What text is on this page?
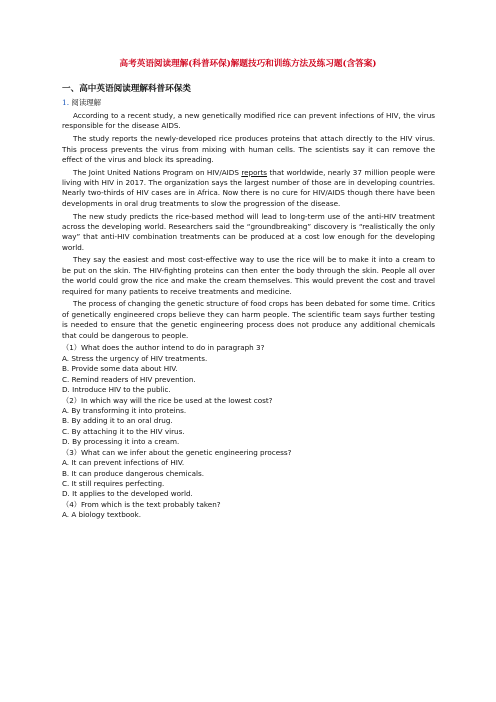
高考英语阅读理解(科普环保)解题技巧和训练方法及练习题(含答案)
一、高中英语阅读理解科普环保类
1. 阅读理解

According to a recent study, a new genetically modified rice can prevent infections of HIV, the virus responsible for the disease AIDS.

The study reports the newly-developed rice produces proteins that attach directly to the HIV virus. This process prevents the virus from mixing with human cells. The scientists say it can remove the effect of the virus and block its spreading.

The Joint United Nations Program on HIV/AIDS reports that worldwide, nearly 37 million people were living with HIV in 2017. The organization says the largest number of those are in developing countries. Nearly two-thirds of HIV cases are in Africa. Now there is no cure for HIV/AIDS though there have been developments in oral drug treatments to slow the progression of the disease.

The new study predicts the rice-based method will lead to long-term use of the anti-HIV treatment across the developing world. Researchers said the “groundbreaking” discovery is “realistically the only way” that anti-HIV combination treatments can be produced at a cost low enough for the developing world.

They say the easiest and most cost-effective way to use the rice will be to make it into a cream to be put on the skin. The HIV-fighting proteins can then enter the body through the skin. People all over the world could grow the rice and make the cream themselves. This would prevent the cost and travel required for many patients to receive treatments and medicine.

The process of changing the genetic structure of food crops has been debated for some time. Critics of genetically engineered crops believe they can harm people. The scientific team says further testing is needed to ensure that the genetic engineering process does not produce any additional chemicals that could be dangerous to people.

（1）What does the author intend to do in paragraph 3?

A. Stress the urgency of HIV treatments.

B. Provide some data about HIV.

C. Remind readers of HIV prevention.

D. Introduce HIV to the public.

（2）In which way will the rice be used at the lowest cost?

A. By transforming it into proteins.

B. By adding it to an oral drug.

C. By attaching it to the HIV virus.

D. By processing it into a cream.

（3）What can we infer about the genetic engineering process?

A. It can prevent infections of HIV.

B. It can produce dangerous chemicals.

C. It still requires perfecting.

D. It applies to the developed world.

（4）From which is the text probably taken?

A. A biology textbook.
